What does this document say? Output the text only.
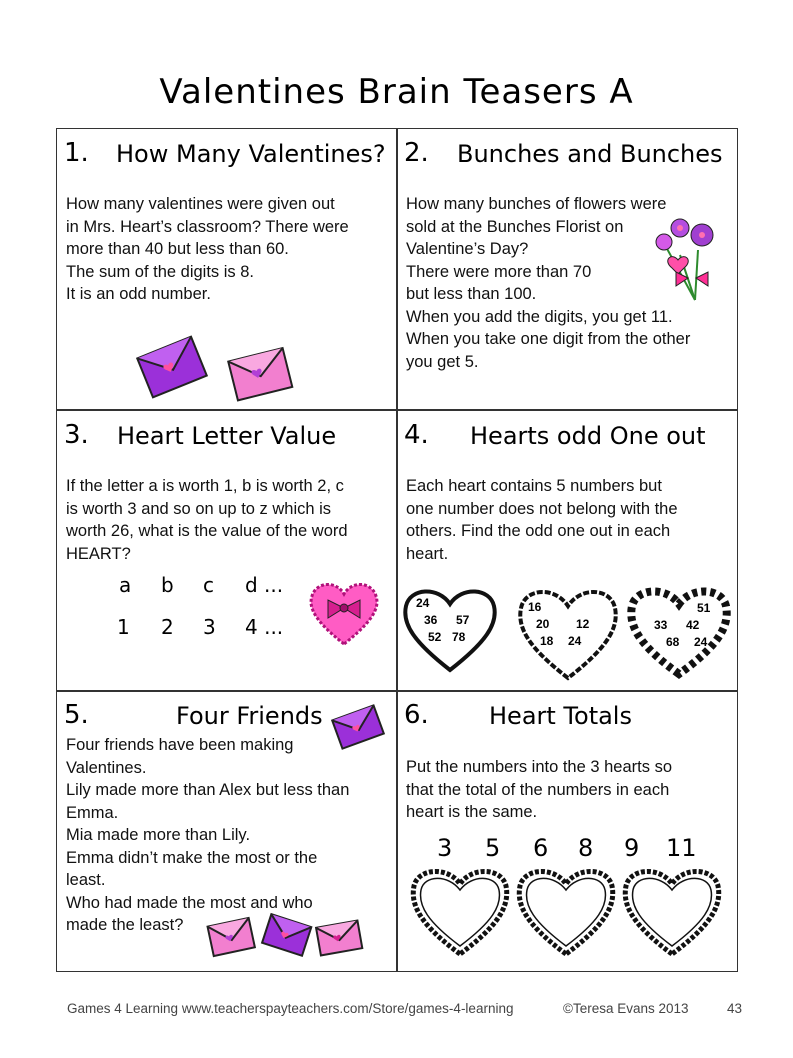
Valentines Brain Teasers A
1. How Many Valentines?
How many valentines were given out
in Mrs. Heart’s classroom? There were
more than 40 but less than 60.
The sum of the digits is 8.
It is an odd number.
2. Bunches and Bunches
How many bunches of flowers were
sold at the Bunches Florist on
Valentine’s Day?
There were more than 70
but less than 100.
When you add the digits, you get 11.
When you take one digit from the other
you get 5.
3. Heart Letter Value
If the letter a is worth 1, b is worth 2, c
is worth 3 and so on up to z which is
worth 26, what is the value of the word
HEART?
a b c d ...
1 2 3 4 ...
4. Hearts odd One out
Each heart contains 5 numbers but
one number does not belong with the
others. Find the odd one out in each
heart.
24
36 57
52 78
16
20 12
18 24
51
33 42
68 24
5.	Four Friends
Four friends have been making
Valentines.
Lily made more than Alex but less than
Emma.
Mia made more than Lily.
Emma didn’t make the most or the
least.
Who had made the most and who
made the least?
6.	Heart Totals
Put the numbers into the 3 hearts so
that the total of the numbers in each
heart is the same.
3 5 6 8 9 11
Games 4 Learning www.teacherspayteachers.com/Store/games-4-learning	©Teresa Evans 2013	43
